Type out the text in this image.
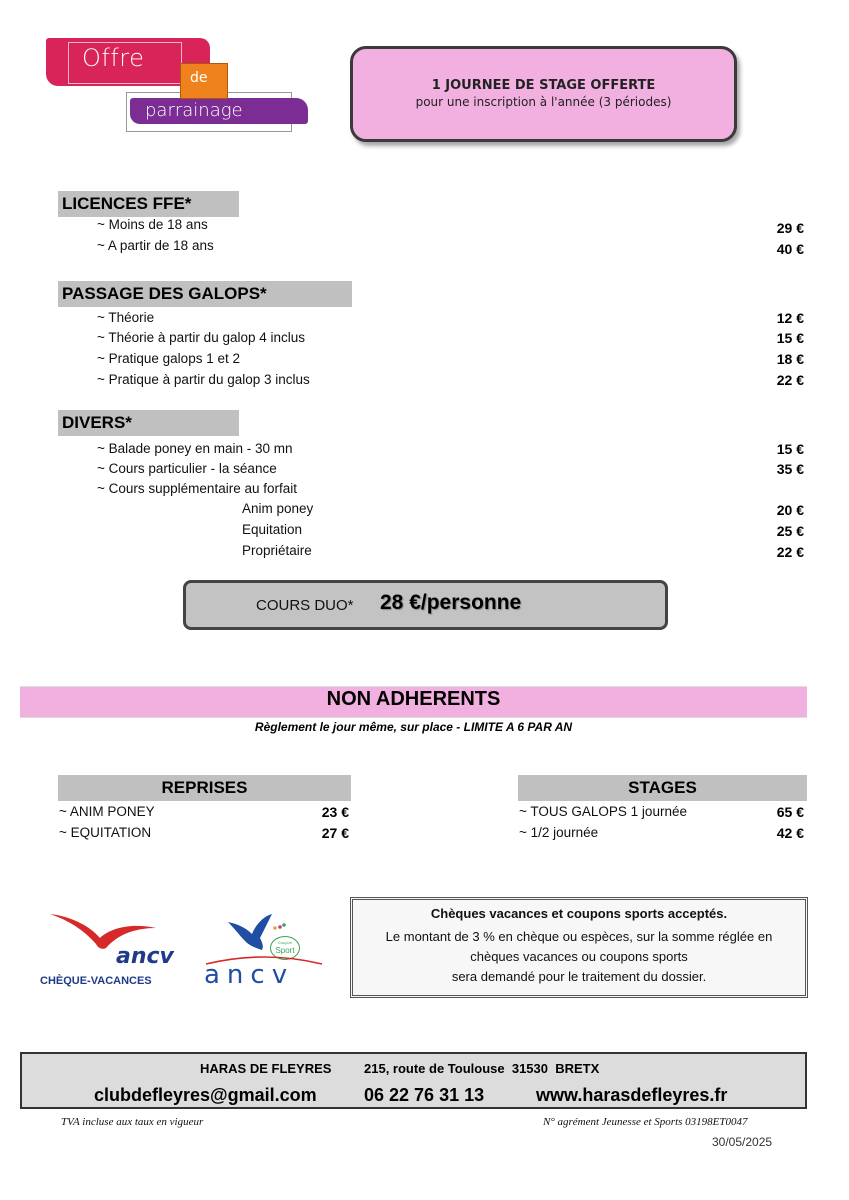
Offre
parrainage
de	1 JOURNEE DE STAGE OFFERTE
pour une inscription à l'année (3 périodes)
LICENCES FFE*
~ Moins de 18 ans	29 €
~ A partir de 18 ans	40 €
PASSAGE DES GALOPS*
~ Théorie	12 €
~ Théorie à partir du galop 4 inclus	15 €
~ Pratique galops 1 et 2	18 €
~ Pratique à partir du galop 3 inclus	22 €
DIVERS*
~ Balade poney en main - 30 mn	15 €
~ Cours particulier - la séance	35 €
~ Cours supplémentaire au forfait
Anim poney	20 €
Equitation	25 €
Propriétaire	22 €
COURS DUO* 28 €/personne
NON ADHERENTS
Règlement le jour même, sur place - LIMITE A 6 PAR AN
REPRISES
~ ANIM PONEY	23 €
~ EQUITATION	27 €
STAGES
~ TOUS GALOPS 1 journée	65 €
~ 1/2 journée	42 €
ancv
CHÈQUE-VACANCES
Coupon
Sport
ancv
Chèques vacances et coupons sports acceptés.
Le montant de 3 % en chèque ou espèces, sur la somme réglée en
chèques vacances ou coupons sports
sera demandé pour le traitement du dossier.
HARAS DE FLEYRES	215, route de Toulouse  31530  BRETX
clubdefleyres@gmail.com	06 22 76 31 13	www.harasdefleyres.fr
TVA incluse aux taux en vigueur	N° agrément Jeunesse et Sports 03198ET0047
30/05/2025
